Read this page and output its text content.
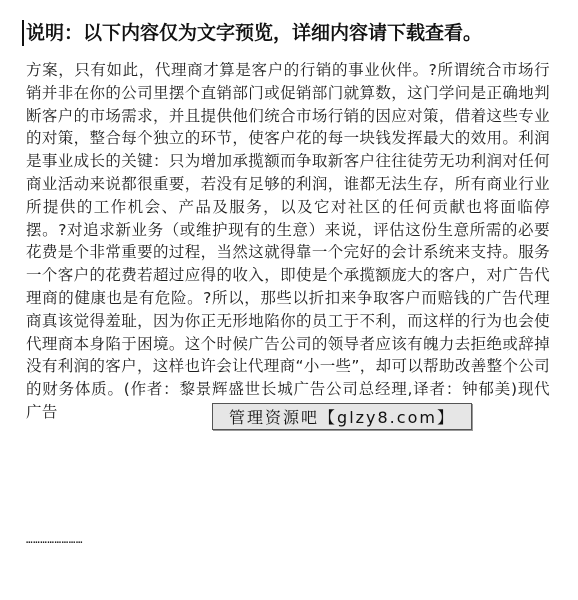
说明：以下内容仅为文字预览，详细内容请下载查看。

方案，只有如此，代理商才算是客户的行销的事业伙伴。?所谓统合市场行销并非在你的公司里摆个直销部门或促销部门就算数，这门学问是正确地判断客户的市场需求，并且提供他们统合市场行销的因应对策，借着这些专业的对策，整合每个独立的环节，使客户花的每一块钱发挥最大的效用。利润是事业成长的关键：只为增加承揽额而争取新客户往往徒劳无功利润对任何商业活动来说都很重要，若没有足够的利润，谁都无法生存，所有商业行业所提供的工作机会、产品及服务，以及它对社区的任何贡献也将面临停摆。?对追求新业务（或维护现有的生意）来说，评估这份生意所需的必要花费是个非常重要的过程，当然这就得靠一个完好的会计系统来支持。服务一个客户的花费若超过应得的收入，即使是个承揽额庞大的客户，对广告代理商的健康也是有危险。?所以，那些以折扣来争取客户而赔钱的广告代理商真该觉得羞耻，因为你正无形地陷你的员工于不利，而这样的行为也会使代理商本身陷于困境。这个时候广告公司的领导者应该有魄力去拒绝或辞掉没有利润的客户，这样也许会让代理商“小一些”，却可以帮助改善整个公司的财务体质。(作者：黎景辉盛世长城广告公司总经理,译者：钟郁美)现代广告	管理资源吧【glzy8.com】
……………………
